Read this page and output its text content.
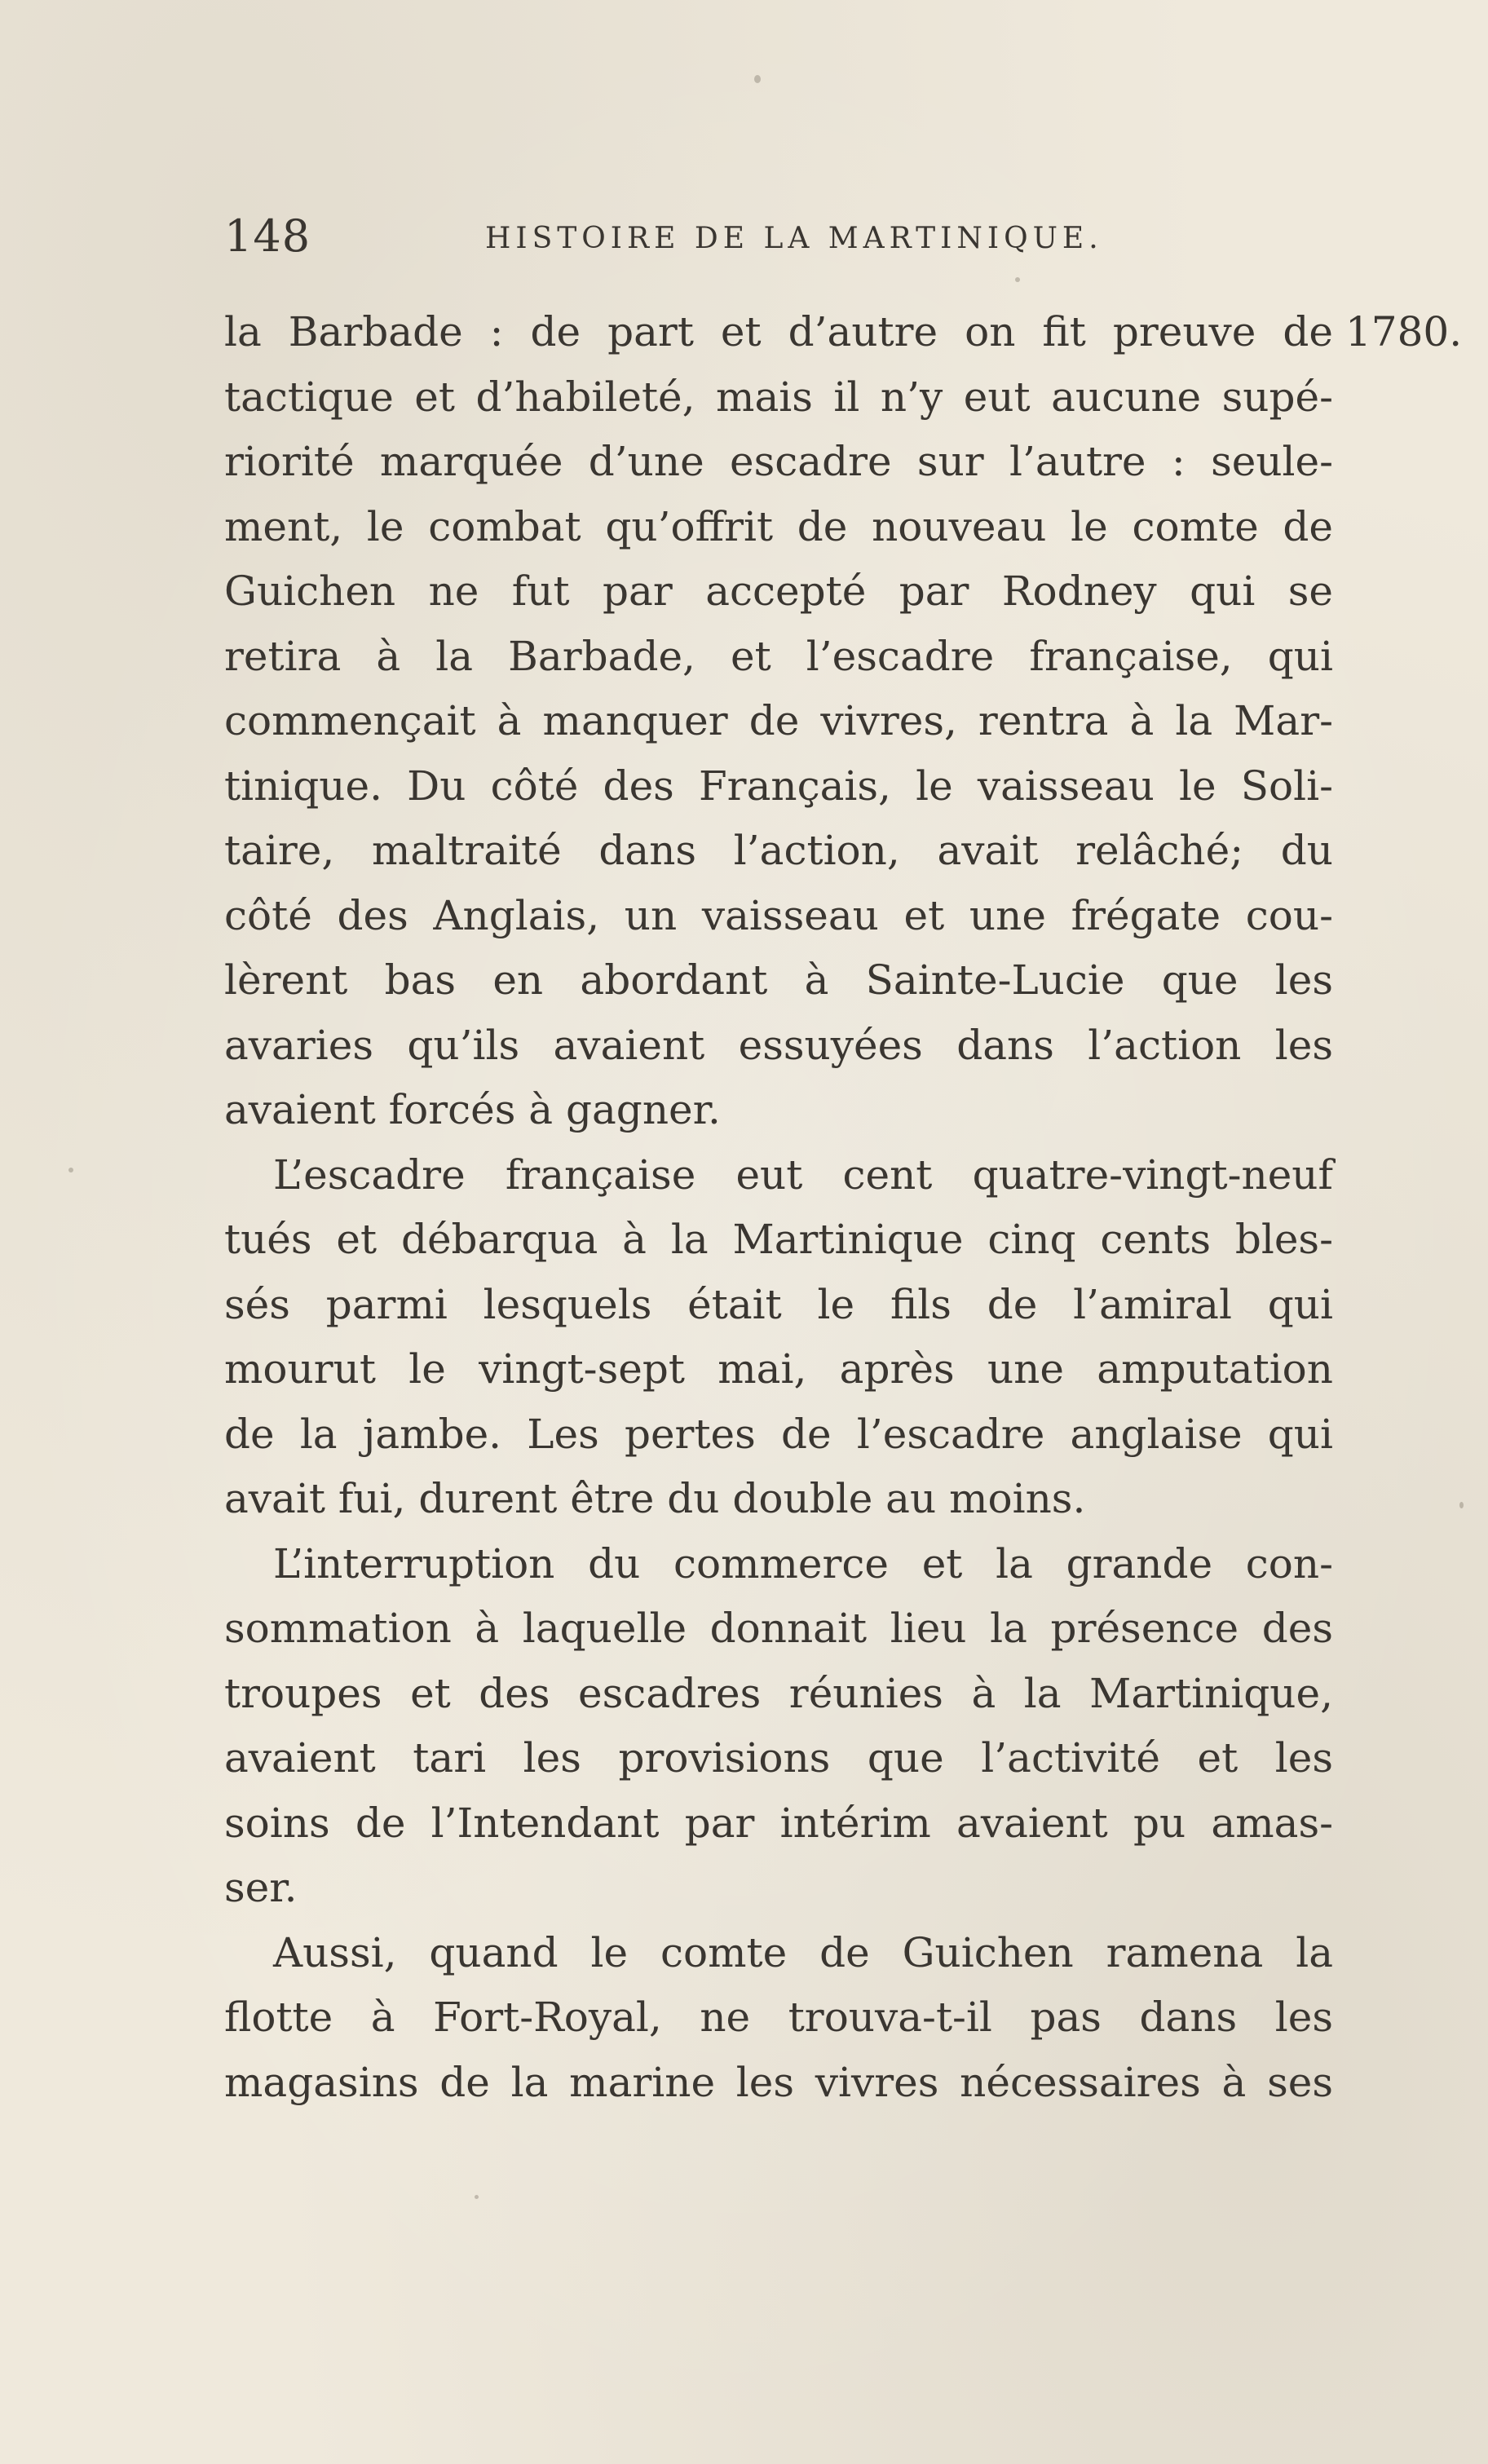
148	HISTOIRE DE LA MARTINIQUE.
la Barbade : de part et d’autre on fit preuve de 1780.
tactique et d’habileté, mais il n’y eut aucune supé-
riorité marquée d’une escadre sur l’autre : seule-
ment, le combat qu’offrit de nouveau le comte de
Guichen ne fut par accepté par Rodney qui se
retira à la Barbade, et l’escadre française, qui
commençait à manquer de vivres, rentra à la Mar-
tinique. Du côté des Français, le vaisseau le Soli-
taire, maltraité dans l’action, avait relâché; du
côté des Anglais, un vaisseau et une frégate cou-
lèrent bas en abordant à Sainte-Lucie que les
avaries qu’ils avaient essuyées dans l’action les
avaient forcés à gagner.
L’escadre française eut cent quatre-vingt-neuf
tués et débarqua à la Martinique cinq cents bles-
sés parmi lesquels était le fils de l’amiral qui
mourut le vingt-sept mai, après une amputation
de la jambe. Les pertes de l’escadre anglaise qui
avait fui, durent être du double au moins.
L’interruption du commerce et la grande con-
sommation à laquelle donnait lieu la présence des
troupes et des escadres réunies à la Martinique,
avaient tari les provisions que l’activité et les
soins de l’Intendant par intérim avaient pu amas-
ser.
Aussi, quand le comte de Guichen ramena la
flotte à Fort-Royal, ne trouva-t-il pas dans les
magasins de la marine les vivres nécessaires à ses
